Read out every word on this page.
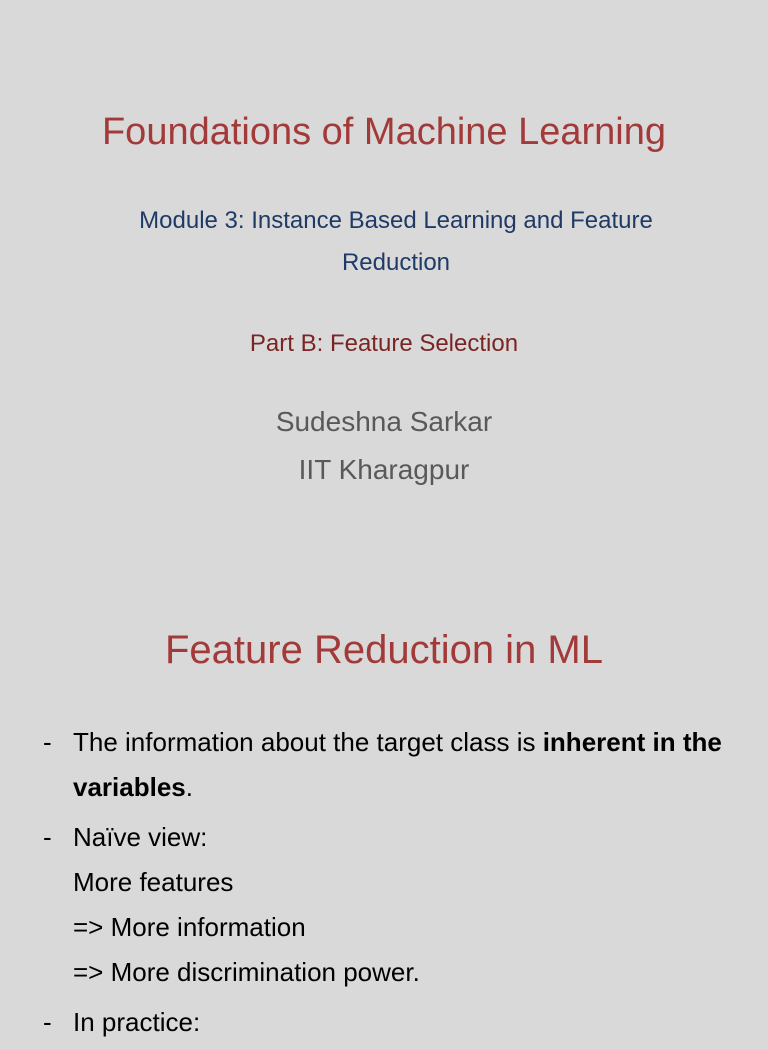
Foundations of Machine Learning
Module 3: Instance Based Learning and Feature Reduction
Part B: Feature Selection
Sudeshna Sarkar
IIT Kharagpur
Feature Reduction in ML
- The information about the target class is inherent in the variables.
- Naïve view:
More features
=> More information
=> More discrimination power.
- In practice:
